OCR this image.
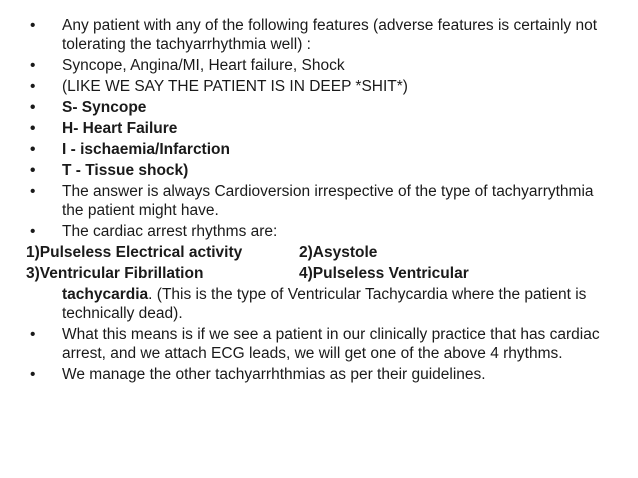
•	Any patient with any of the following features (adverse features is certainly not tolerating the tachyarrhythmia well) :
•	Syncope, Angina/MI, Heart failure, Shock
•	(LIKE WE SAY THE PATIENT IS IN DEEP *SHIT*)
•	S- Syncope
•	H- Heart Failure
•	I - ischaemia/Infarction
•	T - Tissue shock)
•	The answer is always Cardioversion irrespective of the type of tachyarrythmia the patient might have.
•	The cardiac arrest rhythms are:
1)Pulseless Electrical activity	2)Asystole
3)Ventricular Fibrillation	4)Pulseless Ventricular
tachycardia. (This is the type of Ventricular Tachycardia where the patient is technically dead).
•	What this means is if we see a patient in our clinically practice that has cardiac arrest, and we attach ECG leads, we will get one of the above 4 rhythms.
•	We manage the other tachyarrhthmias as per their guidelines.
